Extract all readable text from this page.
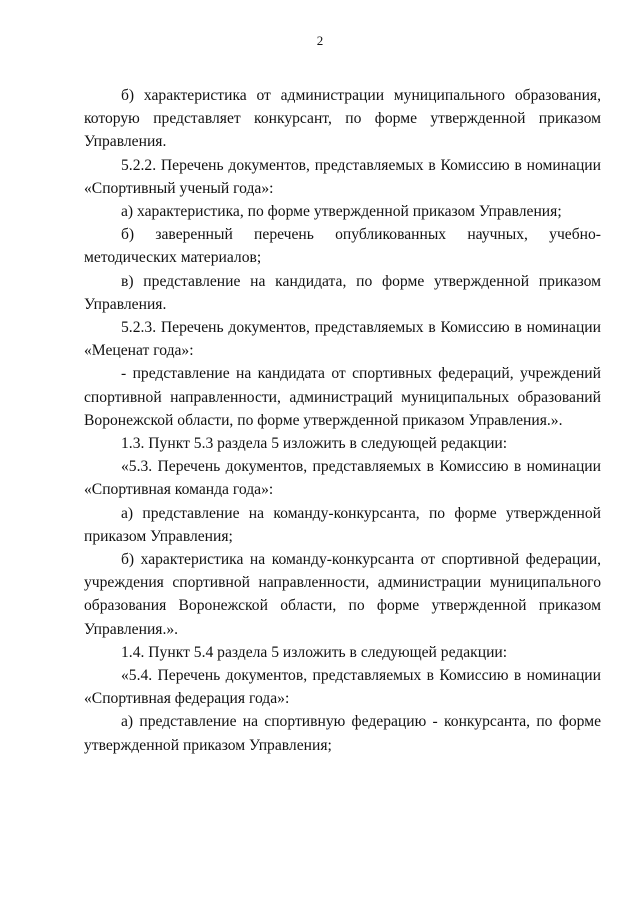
2

б) характеристика от администрации муниципального образования, которую представляет конкурсант, по форме утвержденной приказом Управления.

5.2.2. Перечень документов, представляемых в Комиссию в номинации «Спортивный ученый года»:

а) характеристика, по форме утвержденной приказом Управления;

б) заверенный перечень опубликованных научных, учебно-методических материалов;

в) представление на кандидата, по форме утвержденной приказом Управления.

5.2.3. Перечень документов, представляемых в Комиссию в номинации «Меценат года»:

- представление на кандидата от спортивных федераций, учреждений спортивной направленности, администраций муниципальных образований Воронежской области, по форме утвержденной приказом Управления.».

1.3. Пункт 5.3 раздела 5 изложить в следующей редакции:

«5.3. Перечень документов, представляемых в Комиссию в номинации «Спортивная команда года»:

а) представление на команду-конкурсанта, по форме утвержденной приказом Управления;

б) характеристика на команду-конкурсанта от спортивной федерации, учреждения спортивной направленности, администрации муниципального образования Воронежской области, по форме утвержденной приказом Управления.».

1.4. Пункт 5.4 раздела 5 изложить в следующей редакции:

«5.4. Перечень документов, представляемых в Комиссию в номинации «Спортивная федерация года»:

а) представление на спортивную федерацию - конкурсанта, по форме утвержденной приказом Управления;
